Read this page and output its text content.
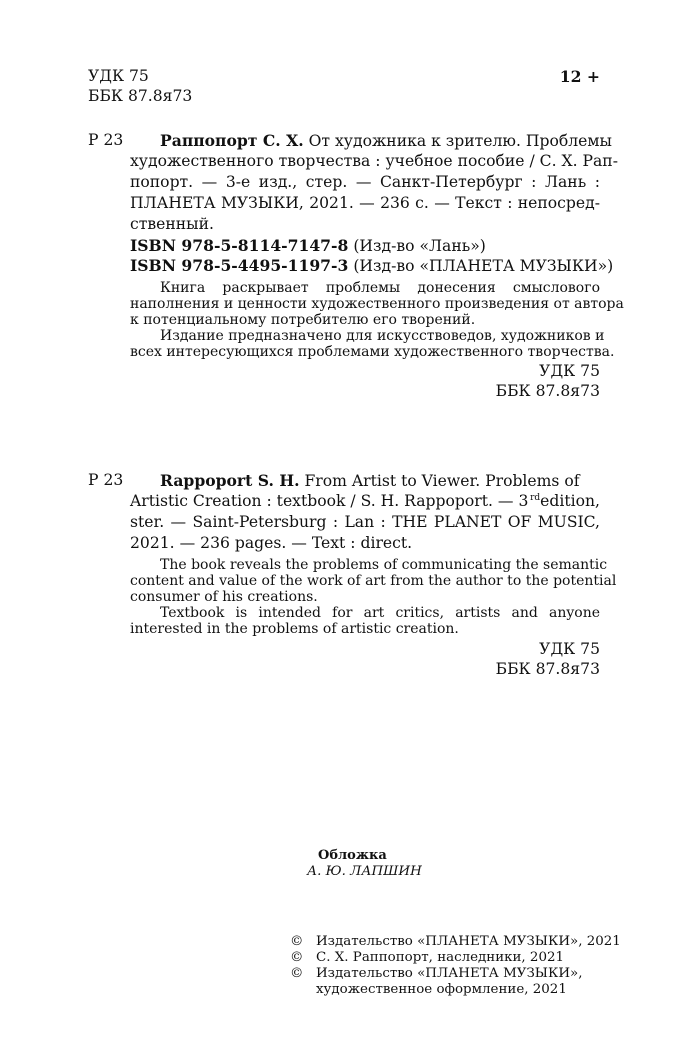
УДК 75
ББК 87.8я73
12 +
Р 23 Раппопорт С. Х. От художника к зрителю. Проблемы
художественного творчества : учебное пособие / С. Х. Рап-
попорт. — 3-е изд., стер. — Санкт-Петербург : Лань :
ПЛАНЕТА МУЗЫКИ, 2021. — 236 с. — Текст : непосред-
ственный.
ISBN 978-5-8114-7147-8 (Изд-во «Лань»)
ISBN 978-5-4495-1197-3 (Изд-во «ПЛАНЕТА МУЗЫКИ»)
Книга раскрывает проблемы донесения смыслового
наполнения и ценности художественного произведения от автора
к потенциальному потребителю его творений.
Издание предназначено для искусствоведов, художников и
всех интересующихся проблемами художественного творчества.
УДК 75
ББК 87.8я73
Р 23 Rappoport S. H. From Artist to Viewer. Problems of
Artistic Creation : textbook / S. H. Rappoport. — 3 $^{rd}$edition,
ster. — Saint-Petersburg : Lan : THE PLANET OF MUSIC,
2021. — 236 pages. — Text : direct.
The book reveals the problems of communicating the semantic
content and value of the work of art from the author to the potential
consumer of his creations.
Textbook is intended for art critics, artists and anyone
interested in the problems of artistic creation.
УДК 75
ББК 87.8я73
Обложка
А. Ю. ЛАПШИН
© Издательство «ПЛАНЕТА МУЗЫКИ», 2021
© С. Х. Раппопорт, наследники, 2021
© Издательство «ПЛАНЕТА МУЗЫКИ»,
художественное оформление, 2021
